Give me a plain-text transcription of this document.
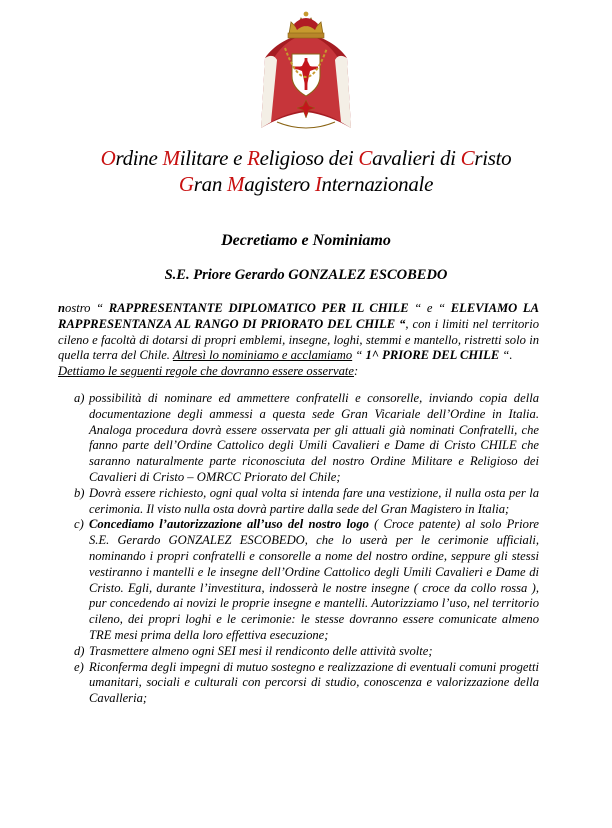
Ordine Militare e Religioso dei Cavalieri di Cristo
Gran Magistero Internazionale
Decretiamo e Nominiamo
S.E. Priore Gerardo GONZALEZ ESCOBEDO

nostro “ RAPPRESENTANTE DIPLOMATICO PER IL CHILE “ e “ ELEVIAMO LA RAPPRESENTANZA AL RANGO DI PRIORATO DEL CHILE “, con i limiti nel territorio cileno e facoltà di dotarsi di propri emblemi, insegne, loghi, stemmi e mantello, ristretti solo in quella terra del Chile. Altresì lo nominiamo e acclamiamo “ 1^ PRIORE DEL CHILE “.

Dettiamo le seguenti regole che dovranno essere osservate:

a) possibilità di nominare ed ammettere confratelli e consorelle, inviando copia della documentazione degli ammessi a questa sede Gran Vicariale dell’Ordine in Italia. Analoga procedura dovrà essere osservata per gli attuali già nominati Confratelli, che fanno parte dell’Ordine Cattolico degli Umili Cavalieri e Dame di Cristo CHILE che saranno naturalmente parte riconosciuta del nostro Ordine Militare e Religioso dei Cavalieri di Cristo – OMRCC Priorato del Chile;
b) Dovrà essere richiesto, ogni qual volta si intenda fare una vestizione, il nulla osta per la cerimonia. Il visto nulla osta dovrà partire dalla sede del Gran Magistero in Italia;
c) Concediamo l’autorizzazione all’uso del nostro logo ( Croce patente) al solo Priore S.E. Gerardo GONZALEZ ESCOBEDO, che lo userà per le cerimonie ufficiali, nominando i propri confratelli e consorelle a nome del nostro ordine, seppure gli stessi vestiranno i mantelli e le insegne dell’Ordine Cattolico degli Umili Cavalieri e Dame di Cristo. Egli, durante l’investitura, indosserà le nostre insegne ( croce da collo rossa ), pur concedendo ai novizi le proprie insegne e mantelli. Autorizziamo l’uso, nel territorio cileno, dei propri loghi e le cerimonie: le stesse dovranno essere comunicate almeno TRE mesi prima della loro effettiva esecuzione;
d) Trasmettere almeno ogni SEI mesi il rendiconto delle attività svolte;
e) Riconferma degli impegni di mutuo sostegno e realizzazione di eventuali comuni progetti umanitari, sociali e culturali con percorsi di studio, conoscenza e valorizzazione della Cavalleria;
